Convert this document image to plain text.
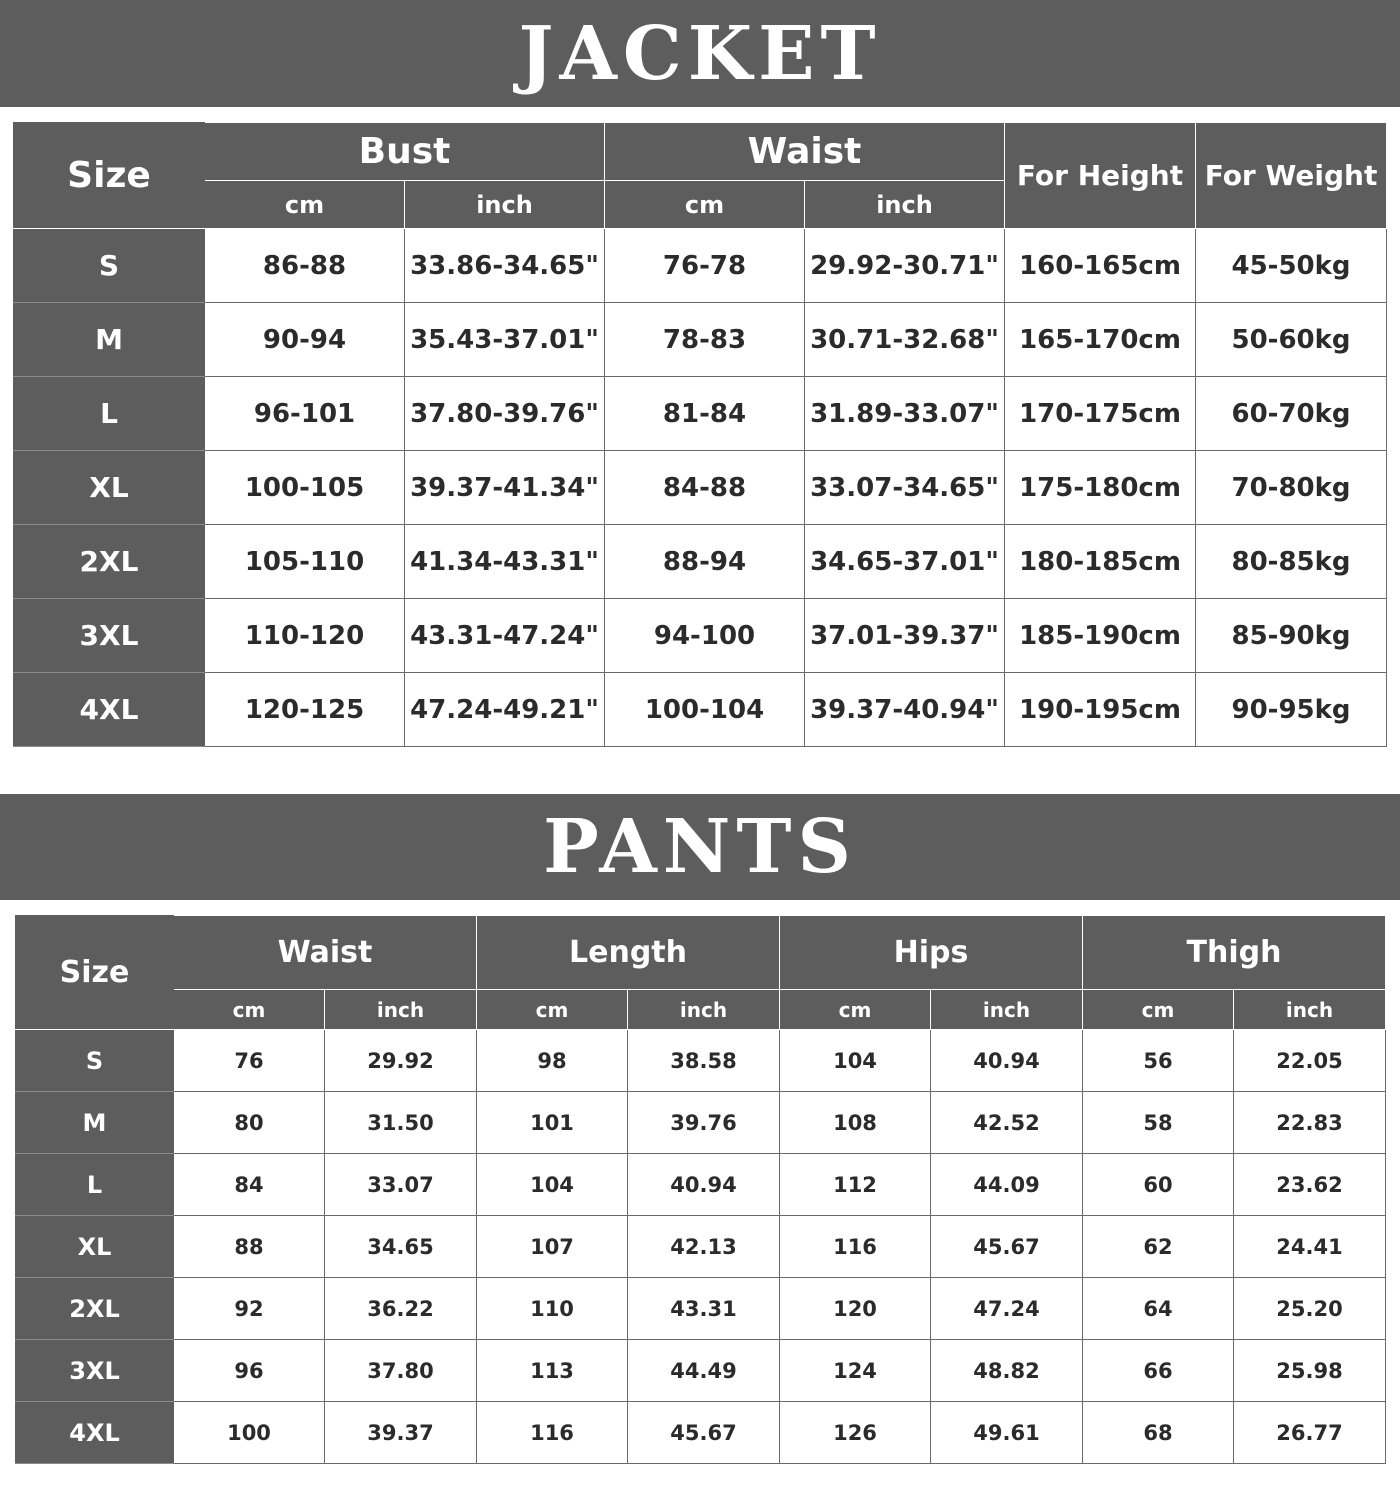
JACKET
Size	Bust		Waist		For Height	For Weight
	cm	inch	cm	inch		
S	86-88	33.86-34.65"	76-78	29.92-30.71"	160-165cm	45-50kg
M	90-94	35.43-37.01"	78-83	30.71-32.68"	165-170cm	50-60kg
L	96-101	37.80-39.76"	81-84	31.89-33.07"	170-175cm	60-70kg
XL	100-105	39.37-41.34"	84-88	33.07-34.65"	175-180cm	70-80kg
2XL	105-110	41.34-43.31"	88-94	34.65-37.01"	180-185cm	80-85kg
3XL	110-120	43.31-47.24"	94-100	37.01-39.37"	185-190cm	85-90kg
4XL	120-125	47.24-49.21"	100-104	39.37-40.94"	190-195cm	90-95kg
PANTS
Size	Waist		Length		Hips		Thigh	
	cm	inch	cm	inch	cm	inch	cm	inch
S	76	29.92	98	38.58	104	40.94	56	22.05
M	80	31.50	101	39.76	108	42.52	58	22.83
L	84	33.07	104	40.94	112	44.09	60	23.62
XL	88	34.65	107	42.13	116	45.67	62	24.41
2XL	92	36.22	110	43.31	120	47.24	64	25.20
3XL	96	37.80	113	44.49	124	48.82	66	25.98
4XL	100	39.37	116	45.67	126	49.61	68	26.77
